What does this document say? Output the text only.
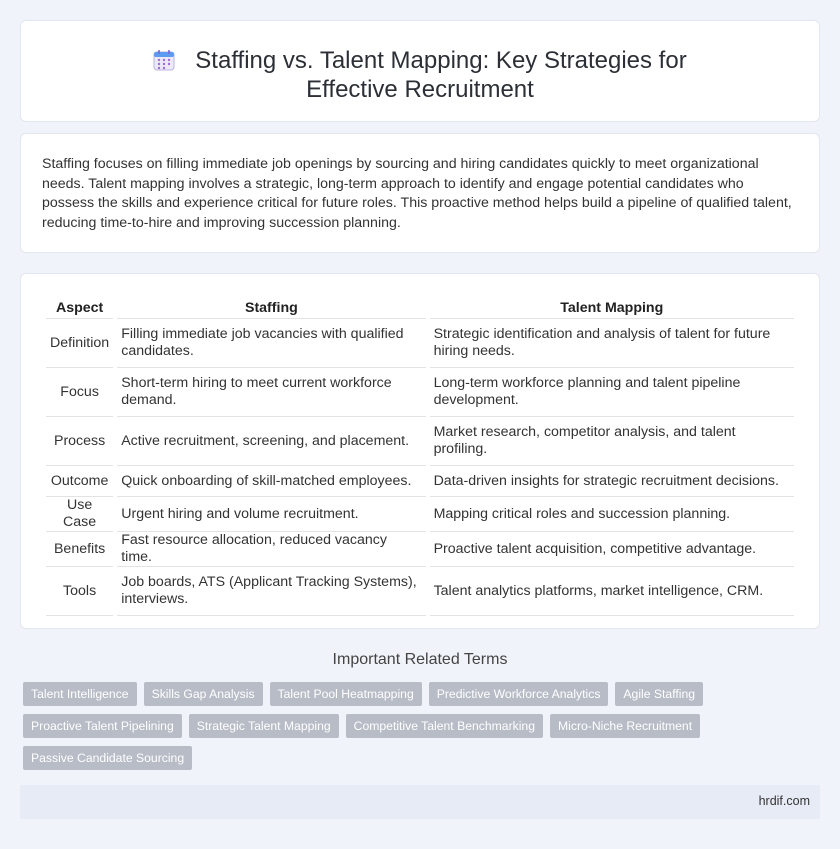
Staffing vs. Talent Mapping: Key Strategies for Effective Recruitment

Staffing focuses on filling immediate job openings by sourcing and hiring candidates quickly to meet organizational needs. Talent mapping involves a strategic, long-term approach to identify and engage potential candidates who possess the skills and experience critical for future roles. This proactive method helps build a pipeline of qualified talent, reducing time-to-hire and improving succession planning.

Aspect	Staffing	Talent Mapping
Definition	Filling immediate job vacancies with qualified candidates.	Strategic identification and analysis of talent for future hiring needs.
Focus	Short-term hiring to meet current workforce demand.	Long-term workforce planning and talent pipeline development.
Process	Active recruitment, screening, and placement.	Market research, competitor analysis, and talent profiling.
Outcome	Quick onboarding of skill-matched employees.	Data-driven insights for strategic recruitment decisions.
Use Case	Urgent hiring and volume recruitment.	Mapping critical roles and succession planning.
Benefits	Fast resource allocation, reduced vacancy time.	Proactive talent acquisition, competitive advantage.
Tools	Job boards, ATS (Applicant Tracking Systems), interviews.	Talent analytics platforms, market intelligence, CRM.
Important Related Terms
Talent Intelligence	Skills Gap Analysis	Talent Pool Heatmapping	Predictive Workforce Analytics	Agile Staffing
Proactive Talent Pipelining	Strategic Talent Mapping	Competitive Talent Benchmarking	Micro-Niche Recruitment
Passive Candidate Sourcing
hrdif.com
